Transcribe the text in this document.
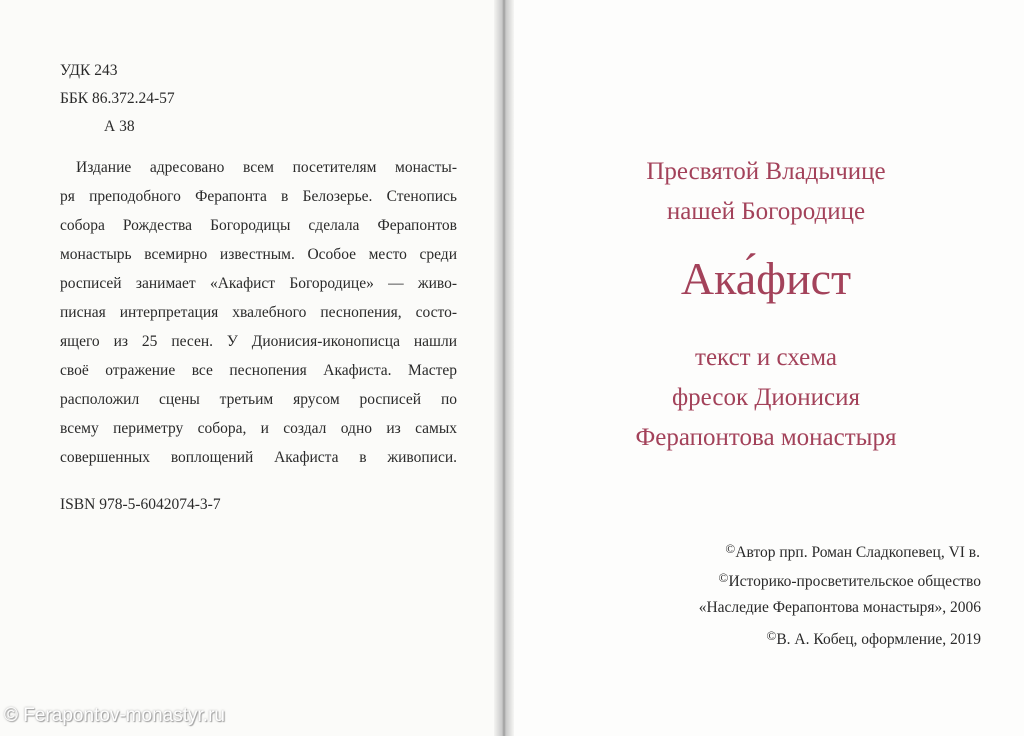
УДК 243
ББК 86.372.24-57
А 38
Издание адресовано всем посетителям монасты-
ря преподобного Ферапонта в Белозерье. Стенопись
собора Рождества Богородицы сделала Ферапонтов
монастырь всемирно известным. Особое место среди
росписей занимает «Акафист Богородице» — живо-
писная интерпретация хвалебного песнопения, состо-
ящего из 25 песен. У Дионисия-иконописца нашли
своё отражение все песнопения Акафиста. Мастер
расположил сцены третьим ярусом росписей по
всему периметру собора, и создал одно из самых
совершенных воплощений Акафиста в живописи.
ISBN 978-5-6042074-3-7
©Автор прп. Роман Сладкопевец, VI в.
©Историко-просветительское общество
«Наследие Ферапонтова монастыря», 2006
©В. А. Кобец, оформление, 2019
Пресвятой Владычице
нашей Богородице
Ака́фист
текст и схема
фресок Дионисия
Ферапонтова монастыря
© Ferapontov-monastyr.ru
